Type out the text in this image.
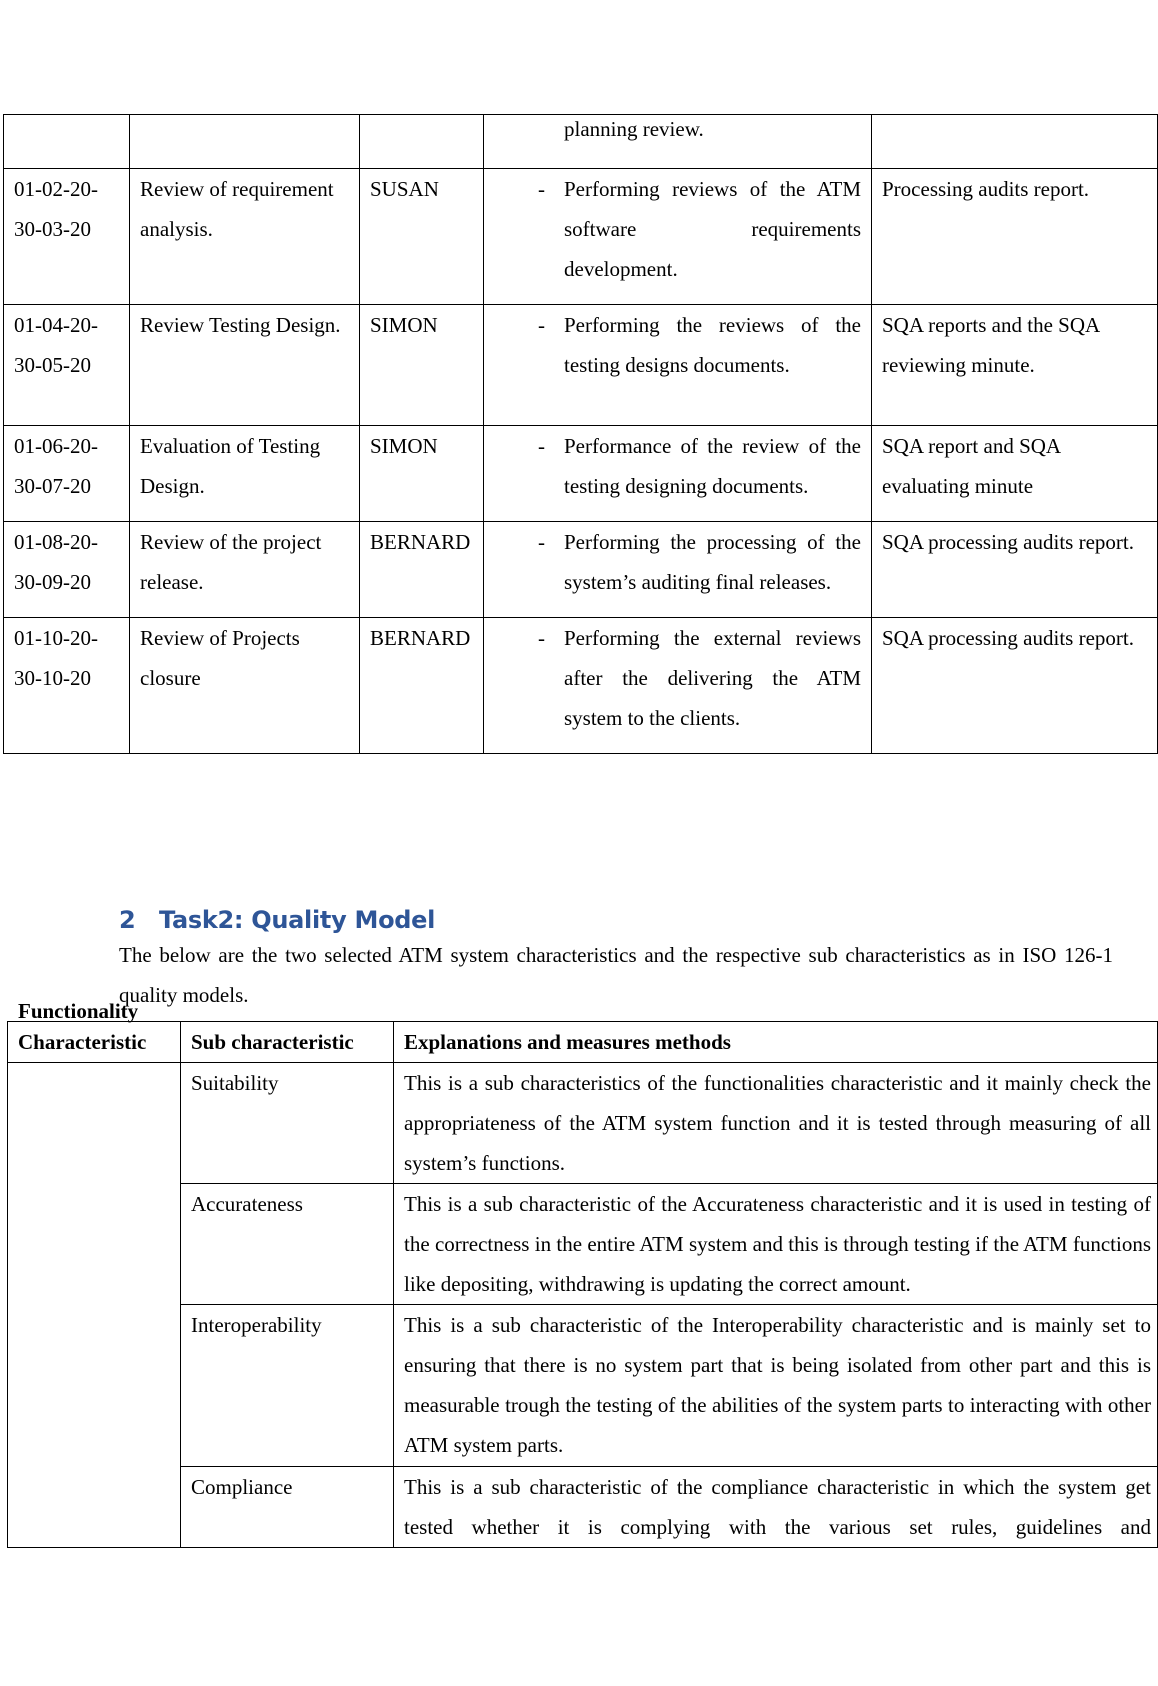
			planning review.	

01-02-20-30-03-20	Review of requirement analysis.	SUSAN	- Performing reviews of the ATM software requirements development.	Processing audits report.
01-04-20-30-05-20	Review Testing Design.	SIMON	- Performing the reviews of the testing designs documents.	SQA reports and the SQA reviewing minute.
01-06-20-30-07-20	Evaluation of Testing Design.	SIMON	- Performance of the review of the testing designing documents.	SQA report and SQA evaluating minute
01-08-20-30-09-20	Review of the project release.	BERNARD	- Performing the processing of the system’s auditing final releases.	SQA processing audits report.
01-10-20-30-10-20	Review of Projects closure	BERNARD	- Performing the external reviews after the delivering the ATM system to the clients.	SQA processing audits report.
2 Task2: Quality Model

The below are the two selected ATM system characteristics and the respective sub characteristics as in ISO 126-1 quality models.

Characteristic	Sub characteristic	Explanations and measures methods

Functionality	Suitability	This is a sub characteristics of the functionalities characteristic and it mainly check the appropriateness of the ATM system function and it is tested through measuring of all system’s functions.
	Accurateness	This is a sub characteristic of the Accurateness characteristic and it is used in testing of the correctness in the entire ATM system and this is through testing if the ATM functions like depositing, withdrawing is updating the correct amount.
	Interoperability	This is a sub characteristic of the Interoperability characteristic and is mainly set to ensuring that there is no system part that is being isolated from other part and this is measurable trough the testing of the abilities of the system parts to interacting with other ATM system parts.
	Compliance	This is a sub characteristic of the compliance characteristic in which the system get tested whether it is complying with the various set rules, guidelines and
